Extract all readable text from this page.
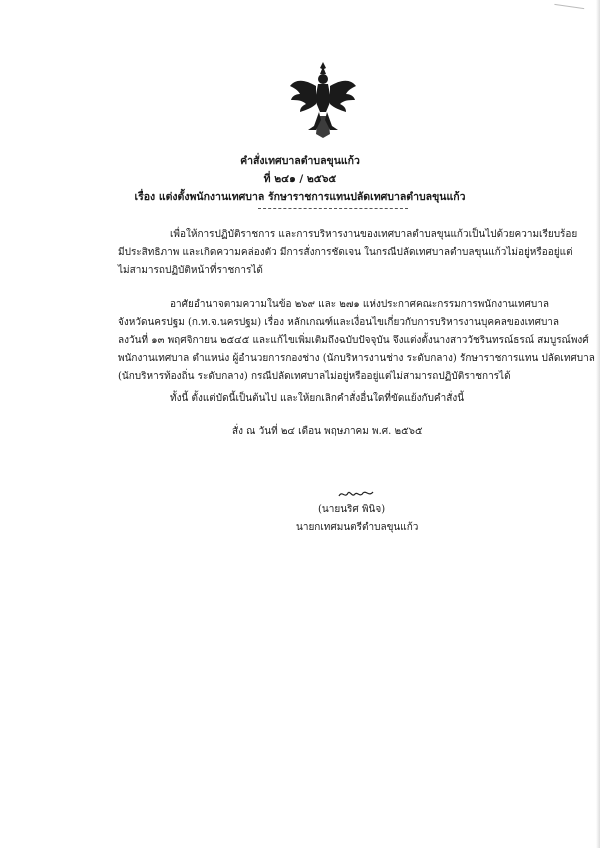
คำสั่งเทศบาลตำบลขุนแก้ว
ที่ ๒๔๑ / ๒๕๖๕
เรื่อง แต่งตั้งพนักงานเทศบาล รักษาราชการแทนปลัดเทศบาลตำบลขุนแก้ว
เพื่อให้การปฏิบัติราชการ และการบริหารงานของเทศบาลตำบลขุนแก้วเป็นไปด้วยความเรียบร้อย
มีประสิทธิภาพ และเกิดความคล่องตัว มีการสั่งการชัดเจน ในกรณีปลัดเทศบาลตำบลขุนแก้วไม่อยู่หรืออยู่แต่
ไม่สามารถปฏิบัติหน้าที่ราชการได้
อาศัยอำนาจตามความในข้อ ๒๖๙ และ ๒๗๑ แห่งประกาศคณะกรรมการพนักงานเทศบาล
จังหวัดนครปฐม (ก.ท.จ.นครปฐม) เรื่อง หลักเกณฑ์และเงื่อนไขเกี่ยวกับการบริหารงานบุคคลของเทศบาล
ลงวันที่ ๑๓ พฤศจิกายน ๒๕๔๕ และแก้ไขเพิ่มเติมถึงฉบับปัจจุบัน จึงแต่งตั้งนางสาววัชรินทรณ์ธรณ์ สมบูรณ์พงศ์
พนักงานเทศบาล ตำแหน่ง ผู้อำนวยการกองช่าง (นักบริหารงานช่าง ระดับกลาง) รักษาราชการแทน ปลัดเทศบาล
(นักบริหารท้องถิ่น ระดับกลาง) กรณีปลัดเทศบาลไม่อยู่หรืออยู่แต่ไม่สามารถปฏิบัติราชการได้
ทั้งนี้ ตั้งแต่บัดนี้เป็นต้นไป และให้ยกเลิกคำสั่งอื่นใดที่ขัดแย้งกับคำสั่งนี้
สั่ง ณ วันที่ ๒๔ เดือน พฤษภาคม พ.ศ. ๒๕๖๕
(นายนริศ พินิจ)
นายกเทศมนตรีตำบลขุนแก้ว
